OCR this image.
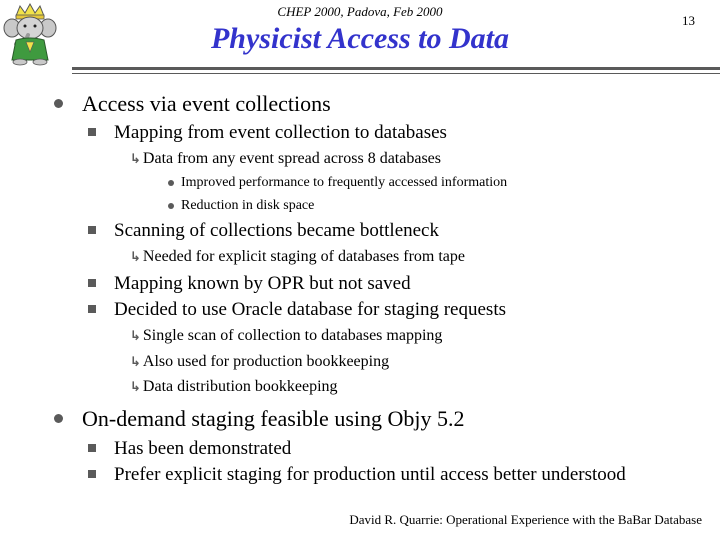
CHEP 2000, Padova, Feb 2000
Physicist Access to Data
13
Access via event collections
Mapping from event collection to databases
↳ Data from any event spread across 8 databases
Improved performance to frequently accessed information
Reduction in disk space
Scanning of collections became bottleneck
↳ Needed for explicit staging of databases from tape
Mapping known by OPR but not saved
Decided to use Oracle database for staging requests
↳ Single scan of collection to databases mapping
↳ Also used for production bookkeeping
↳ Data distribution bookkeeping
On-demand staging feasible using Objy 5.2
Has been demonstrated
Prefer explicit staging for production until access better understood
David R. Quarrie: Operational Experience with the BaBar Database
